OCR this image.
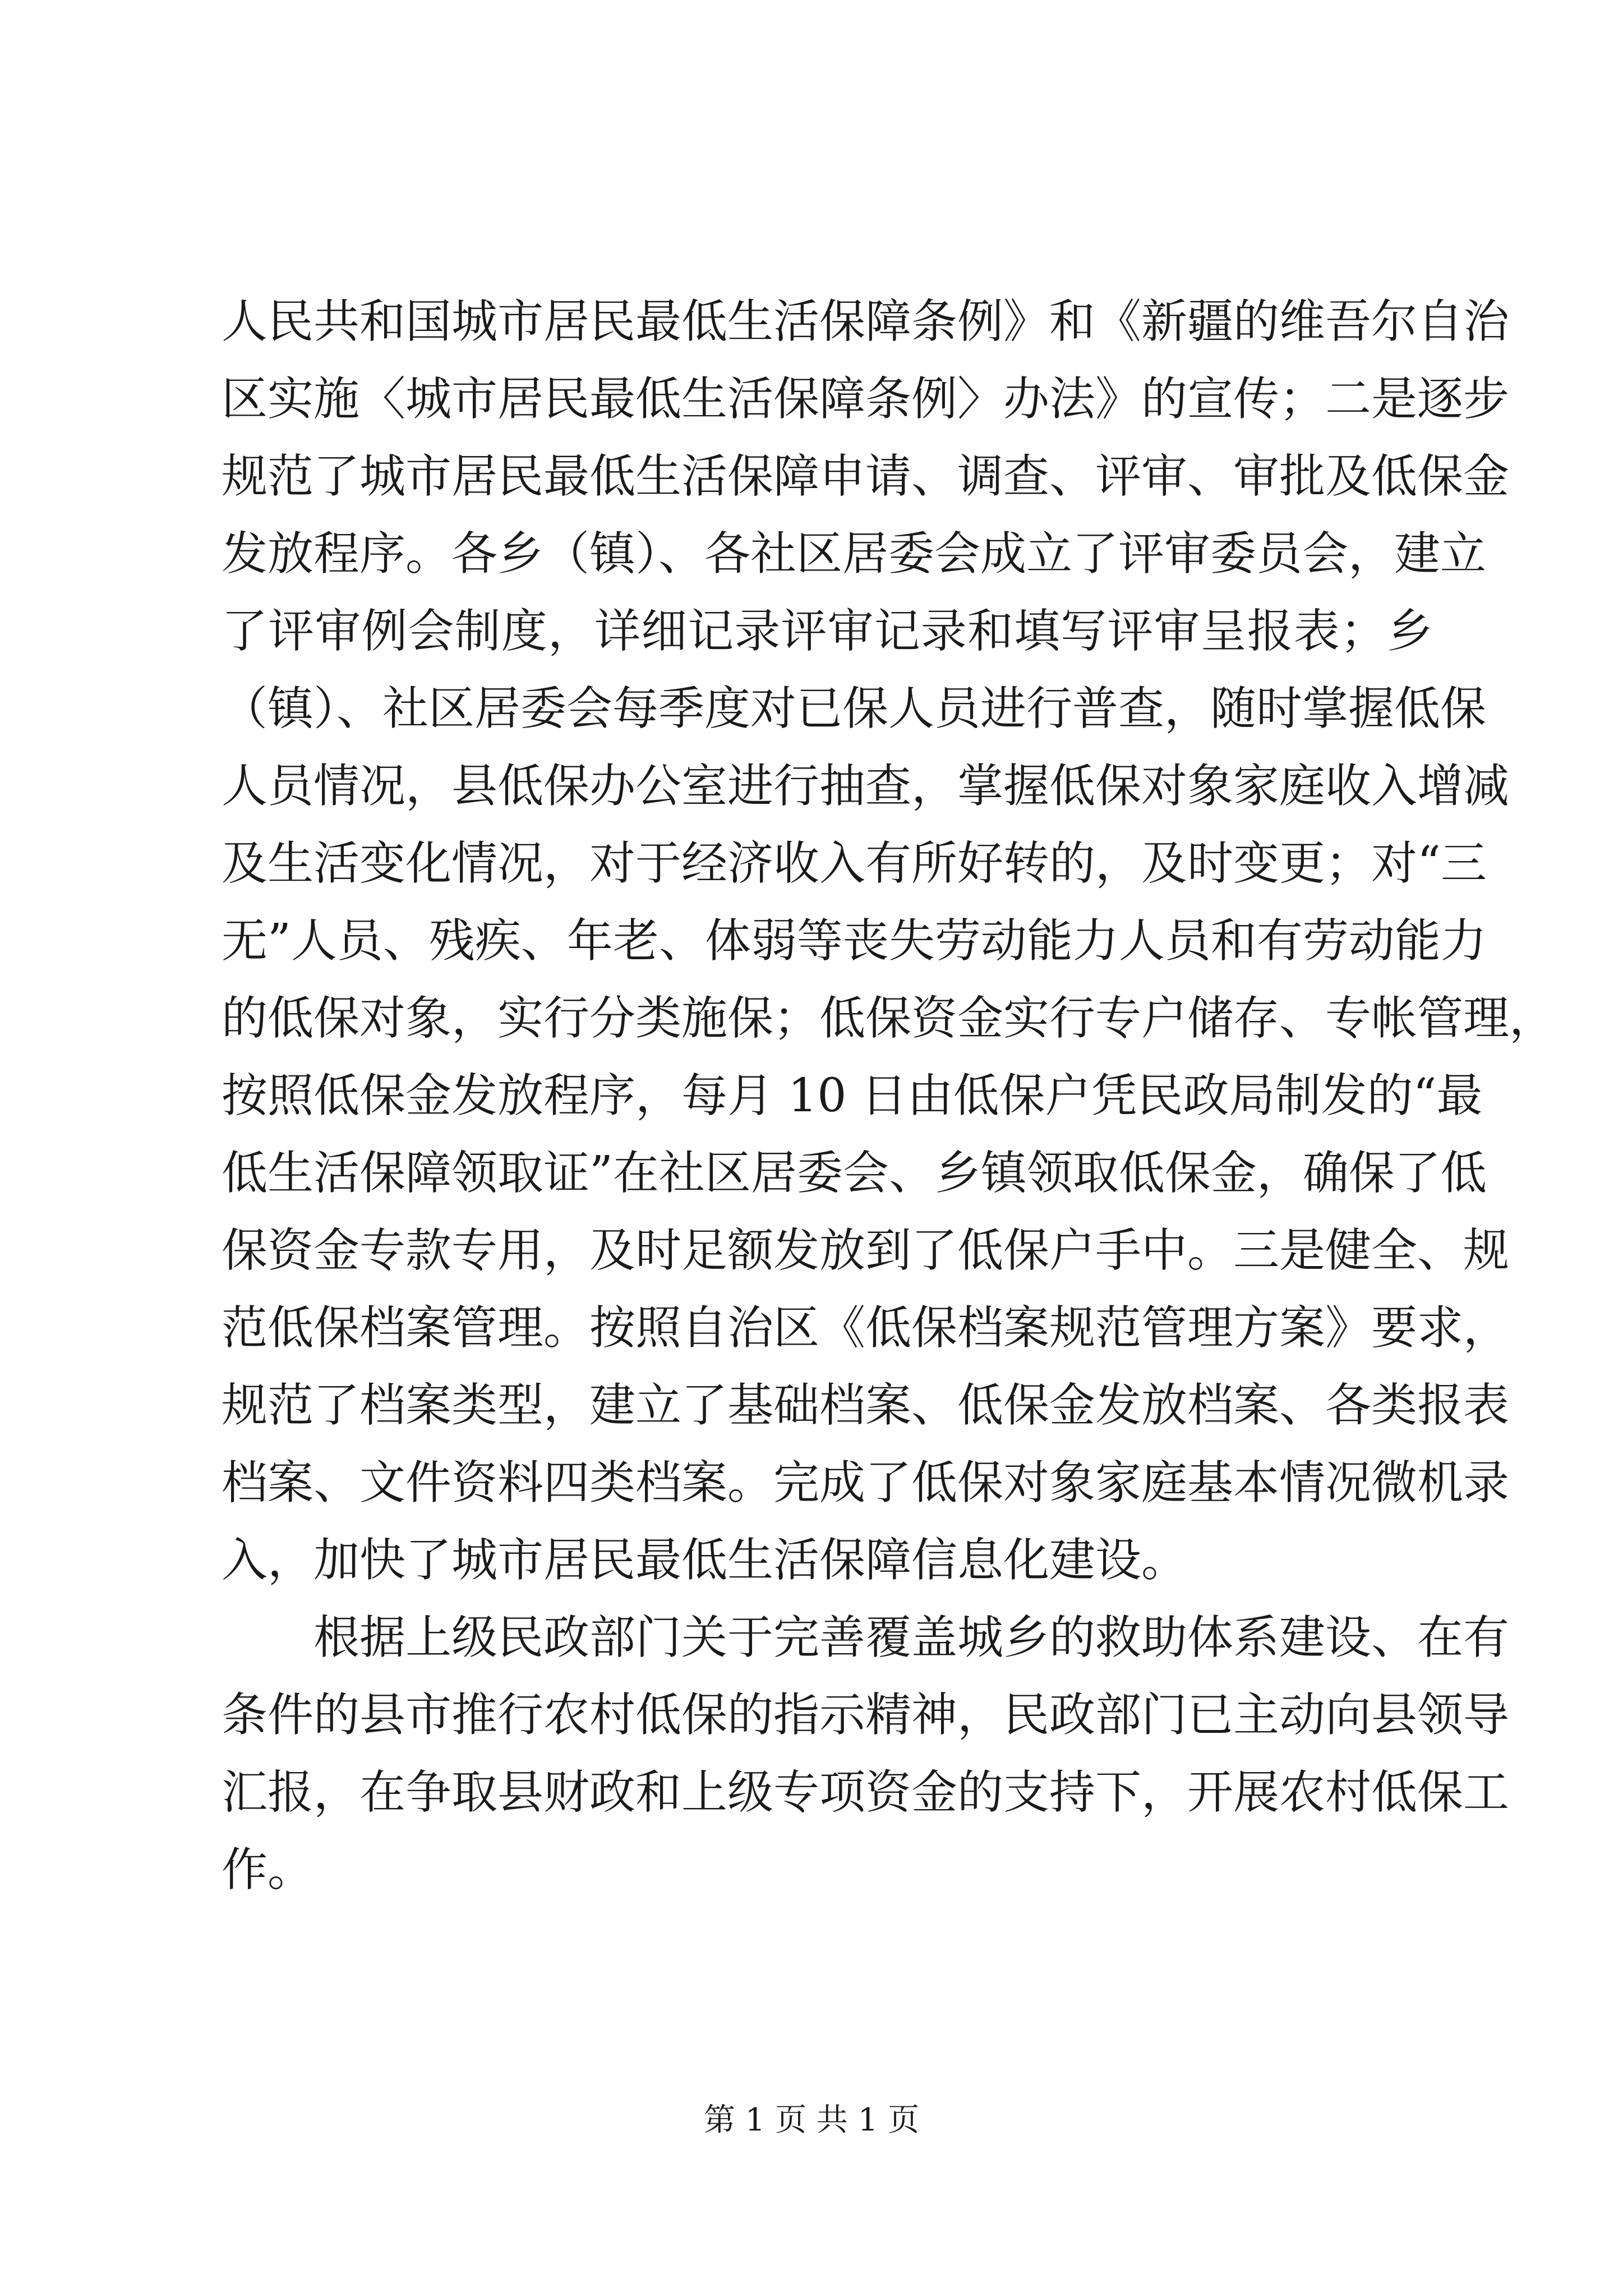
人民共和国城市居民最低生活保障条例》和《新疆的维吾尔自治
区实施〈城市居民最低生活保障条例〉办法》的宣传；二是逐步
规范了城市居民最低生活保障申请、调查、评审、审批及低保金
发放程序。各乡（镇）、各社区居委会成立了评审委员会，建立
了评审例会制度，详细记录评审记录和填写评审呈报表；乡
（镇）、社区居委会每季度对已保人员进行普查，随时掌握低保
人员情况，县低保办公室进行抽查，掌握低保对象家庭收入增减
及生活变化情况，对于经济收入有所好转的，及时变更；对“三
无”人员、残疾、年老、体弱等丧失劳动能力人员和有劳动能力
的低保对象，实行分类施保；低保资金实行专户储存、专帐管理，
按照低保金发放程序，每月 10 日由低保户凭民政局制发的“最
低生活保障领取证”在社区居委会、乡镇领取低保金，确保了低
保资金专款专用，及时足额发放到了低保户手中。三是健全、规
范低保档案管理。按照自治区《低保档案规范管理方案》要求，
规范了档案类型，建立了基础档案、低保金发放档案、各类报表
档案、文件资料四类档案。完成了低保对象家庭基本情况微机录
入，加快了城市居民最低生活保障信息化建设。
　　根据上级民政部门关于完善覆盖城乡的救助体系建设、在有
条件的县市推行农村低保的指示精神，民政部门已主动向县领导
汇报，在争取县财政和上级专项资金的支持下，开展农村低保工
作。
第 1 页 共 1 页
